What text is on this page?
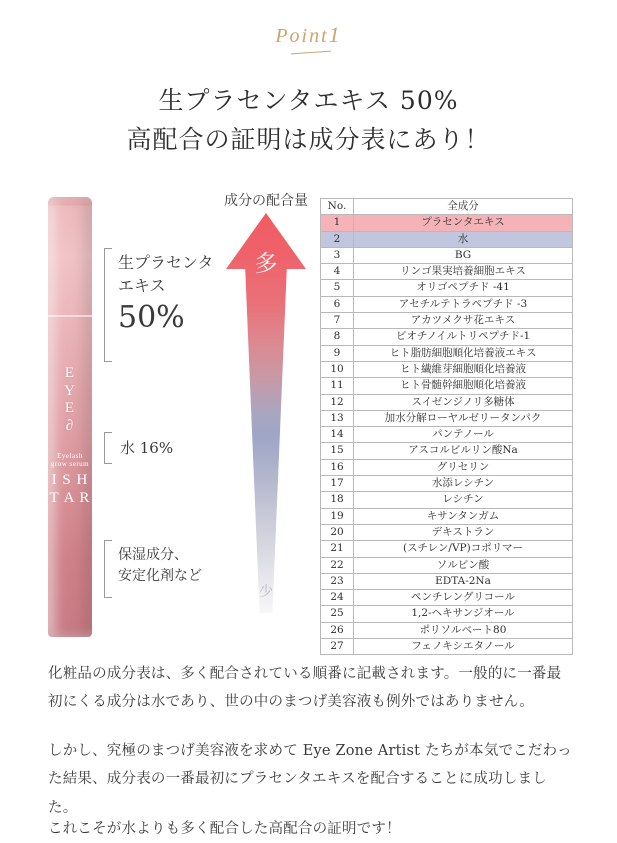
Point1
生プラセンタエキス 50%
高配合の証明は成分表にあり！
E
Y
E
∂
Eyelash grow serum
I S H T A R
生プラセンタ
エキス
50%
水 16%
保湿成分、
安定化剤など
成分の配合量
多
少
No.	全成分
1	プラセンタエキス
2	水
3	BG
4	リンゴ果実培養細胞エキス
5	オリゴペプチド -41
6	アセチルテトラペプチド -3
7	アカツメクサ花エキス
8	ビオチノイルトリペプチド-1
9	ヒト脂肪細胞順化培養液エキス
10	ヒト繊維芽細胞順化培養液
11	ヒト骨髄幹細胞順化培養液
12	スイゼンジノリ多糖体
13	加水分解ローヤルゼリータンパク
14	パンテノール
15	アスコルビルリン酸Na
16	グリセリン
17	水添レシチン
18	レシチン
19	キサンタンガム
20	デキストラン
21	(スチレン/VP)コポリマー
22	ソルビン酸
23	EDTA-2Na
24	ペンチレングリコール
25	1,2-ヘキサンジオール
26	ポリソルベート80
27	フェノキシエタノール
化粧品の成分表は、多く配合されている順番に記載されます。一般的に一番最初にくる成分は水であり、世の中のまつげ美容液も例外ではありません。
しかし、究極のまつげ美容液を求めて Eye Zone Artist たちが本気でこだわった結果、成分表の一番最初にプラセンタエキスを配合することに成功しました。
これこそが水よりも多く配合した高配合の証明です！
